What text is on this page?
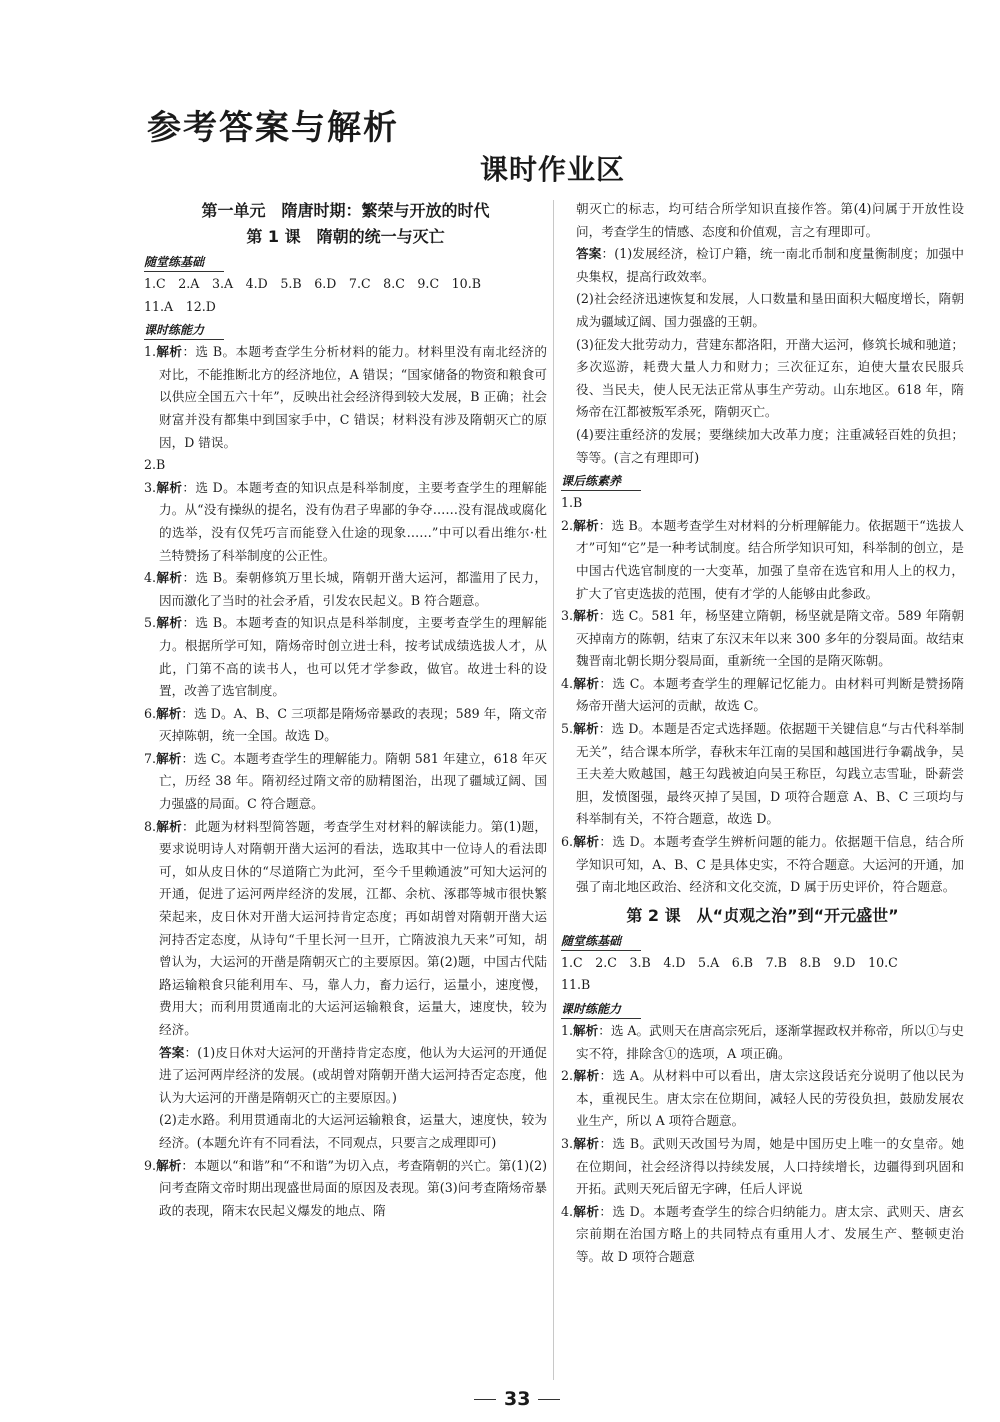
参考答案与解析
课时作业区

第一单元　隋唐时期：繁荣与开放的时代

第 1 课　隋朝的统一与灭亡

随堂练基础

1.C　2.A　3.A　4.D　5.B　6.D　7.C　8.C　9.C　10.B

11.A　12.D

课时练能力

1.解析：选 B。本题考查学生分析材料的能力。材料里没有南北经济的对比，不能推断北方的经济地位，A 错误；“国家储备的物资和粮食可以供应全国五六十年”，反映出社会经济得到较大发展，B 正确；社会财富并没有都集中到国家手中，C 错误；材料没有涉及隋朝灭亡的原因，D 错误。

2.B

3.解析：选 D。本题考查的知识点是科举制度，主要考查学生的理解能力。从“没有操纵的提名，没有伪君子卑鄙的争夺……没有混战或腐化的选举，没有仅凭巧言而能登入仕途的现象……”中可以看出维尔·杜兰特赞扬了科举制度的公正性。

4.解析：选 B。秦朝修筑万里长城，隋朝开凿大运河，都滥用了民力，因而激化了当时的社会矛盾，引发农民起义。B 符合题意。

5.解析：选 B。本题考查的知识点是科举制度，主要考查学生的理解能力。根据所学可知，隋炀帝时创立进士科，按考试成绩选拔人才，从此，门第不高的读书人，也可以凭才学参政，做官。故进士科的设置，改善了选官制度。

6.解析：选 D。A、B、C 三项都是隋炀帝暴政的表现；589 年，隋文帝灭掉陈朝，统一全国。故选 D。

7.解析：选 C。本题考查学生的理解能力。隋朝 581 年建立，618 年灭亡，历经 38 年。隋初经过隋文帝的励精图治，出现了疆域辽阔、国力强盛的局面。C 符合题意。

8.解析：此题为材料型简答题，考查学生对材料的解读能力。第(1)题，要求说明诗人对隋朝开凿大运河的看法，选取其中一位诗人的看法即可，如从皮日休的“尽道隋亡为此河，至今千里赖通波”可知大运河的开通，促进了运河两岸经济的发展，江都、余杭、涿郡等城市很快繁荣起来，皮日休对开凿大运河持肯定态度；再如胡曾对隋朝开凿大运河持否定态度，从诗句“千里长河一旦开，亡隋波浪九天来”可知，胡曾认为，大运河的开凿是隋朝灭亡的主要原因。第(2)题，中国古代陆路运输粮食只能利用车、马，靠人力，畜力运行，运量小，速度慢，费用大；而利用贯通南北的大运河运输粮食，运量大，速度快，较为经济。

答案：(1)皮日休对大运河的开凿持肯定态度，他认为大运河的开通促进了运河两岸经济的发展。(或胡曾对隋朝开凿大运河持否定态度，他认为大运河的开凿是隋朝灭亡的主要原因。)

(2)走水路。利用贯通南北的大运河运输粮食，运量大，速度快，较为经济。(本题允许有不同看法，不同观点，只要言之成理即可)

9.解析：本题以“和谐”和“不和谐”为切入点，考查隋朝的兴亡。第(1)(2)问考查隋文帝时期出现盛世局面的原因及表现。第(3)问考查隋炀帝暴政的表现，隋末农民起义爆发的地点、隋

朝灭亡的标志，均可结合所学知识直接作答。第(4)问属于开放性设问，考查学生的情感、态度和价值观，言之有理即可。

答案：(1)发展经济，检订户籍，统一南北币制和度量衡制度；加强中央集权，提高行政效率。

(2)社会经济迅速恢复和发展，人口数量和垦田面积大幅度增长，隋朝成为疆域辽阔、国力强盛的王朝。

(3)征发大批劳动力，营建东都洛阳，开凿大运河，修筑长城和驰道；多次巡游，耗费大量人力和财力；三次征辽东，迫使大量农民服兵役、当民夫，使人民无法正常从事生产劳动。山东地区。618 年，隋炀帝在江都被叛军杀死，隋朝灭亡。

(4)要注重经济的发展；要继续加大改革力度；注重减轻百姓的负担；等等。(言之有理即可)

课后练素养

1.B

2.解析：选 B。本题考查学生对材料的分析理解能力。依据题干“选拔人才”可知“它”是一种考试制度。结合所学知识可知，科举制的创立，是中国古代选官制度的一大变革，加强了皇帝在选官和用人上的权力，扩大了官吏选拔的范围，使有才学的人能够由此参政。

3.解析：选 C。581 年，杨坚建立隋朝，杨坚就是隋文帝。589 年隋朝灭掉南方的陈朝，结束了东汉末年以来 300 多年的分裂局面。故结束魏晋南北朝长期分裂局面，重新统一全国的是隋灭陈朝。

4.解析：选 C。本题考查学生的理解记忆能力。由材料可判断是赞扬隋炀帝开凿大运河的贡献，故选 C。

5.解析：选 D。本题是否定式选择题。依据题干关键信息“与古代科举制无关”，结合课本所学，春秋末年江南的吴国和越国进行争霸战争，吴王夫差大败越国，越王勾践被迫向吴王称臣，勾践立志雪耻，卧薪尝胆，发愤图强，最终灭掉了吴国，D 项符合题意 A、B、C 三项均与科举制有关，不符合题意，故选 D。

6.解析：选 D。本题考查学生辨析问题的能力。依据题干信息，结合所学知识可知，A、B、C 是具体史实，不符合题意。大运河的开通，加强了南北地区政治、经济和文化交流，D 属于历史评价，符合题意。

第 2 课　从“贞观之治”到“开元盛世”

随堂练基础

1.C　2.C　3.B　4.D　5.A　6.B　7.B　8.B　9.D　10.C

11.B

课时练能力

1.解析：选 A。武则天在唐高宗死后，逐渐掌握政权并称帝，所以①与史实不符，排除含①的选项，A 项正确。

2.解析：选 A。从材料中可以看出，唐太宗这段话充分说明了他以民为本，重视民生。唐太宗在位期间，减轻人民的劳役负担，鼓励发展农业生产，所以 A 项符合题意。

3.解析：选 B。武则天改国号为周，她是中国历史上唯一的女皇帝。她在位期间，社会经济得以持续发展，人口持续增长，边疆得到巩固和开拓。武则天死后留无字碑，任后人评说

4.解析：选 D。本题考查学生的综合归纳能力。唐太宗、武则天、唐玄宗前期在治国方略上的共同特点有重用人才、发展生产、整顿吏治等。故 D 项符合题意

33
